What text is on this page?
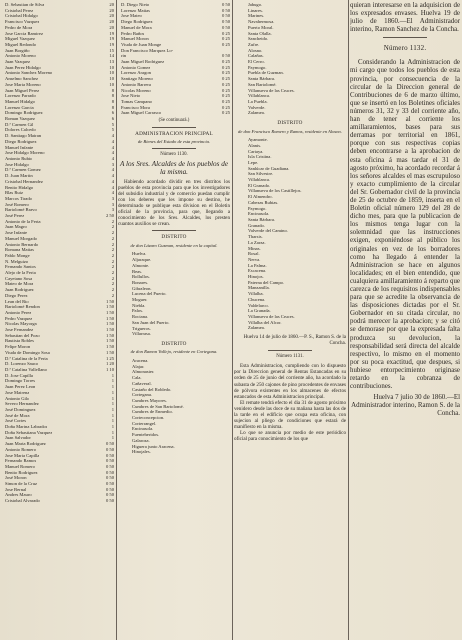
D. Sebastian de Silva	20
Cristobal Perez	20
Cristobal Hidalgo	20
Francisco Vazquez	20
Pedro de Mora	20
Jose Garcia Ramirez	19
Miguel Vazquez	19
Miguel Redondo	19
Juan Borgiño	15
Antonio Moreno	14
Juan Vazquez	13
Juan Perez Hidalgo	10
Antonio Sanchez Moreno	10
Anselmo Sanchez	10
Jose Maria Moreno	10
Juan Miguel Perez	8
Lorenzo Parrado	8
Manuel Hidalgo	8
Lorenzo Garcia	8
Domingo Rodriguez	6
Roman Vazquez	6
D.ª Carmen Gil	5
Dolores Calcedo	5
D. Santiago Mairan	4
Diego Rodriguez	4
Manuel Infante	4
Jose Hidalgo Moreno	4
Antonio Rubio	4
Jose Hidalgo	3
D.ª Carmen Gomez	4
D. Juan Martin	4
Cristobal Hernandez	4
Benito Hidalgo	4
Blas Ruiz	4
Marcos Tirado	3
José Romero	3
Bartolomé Bravo	3
José Perez	2 50
Antonio de la Feria	2
Juan Magro	2
Jose Infante	2
Manuel Morgado	2
Antonio Bernardo	2
Romana Matias	2
Pablo Monge	2
N. Melguizo	2
Fernando Santos	2
Alejo de la Feria	2
Cayetano Sosa	2
Mateo de Mora	2
Juan Rodriguez	2
Diego Perez	2
Lean del Rio	1 50
Bartolomé Rendon	1 50
Antonio Perez	1 50
Pedro Vazquez	1 50
Nicolas Mayorga	1 50
Jose Fernandez	1 50
Sebastian del Pozo	1 50
Bautista Robles	1 50
Felipe Moron	1 50
Viuda de Domingo Sosa	1 50
D.ª Catalina de la Feria	1 25
D. Lorenzo Sauco	1 20
D.ª Catalina Vallellano	1 10
D. Jose Capilla	1
Domingo Torres	1
Juan Perez Leon	1
Jose Mairena	1
Antonio Gilo	1
Severo Hernandez	1
José Dominguez	1
José de Mora	1
José Cortes	1
Doña Marina Labrador	1
Doña Sebastiana Vazquez	1
Juan Salvador	1
Juan Maria Rodriguez	0 50
Antonio Romero	0 50
Jose Maria Capilla	0 50
Fernando Ramos	0 50
Manuel Romero	0 50
Benito Rodriguez	0 50
José Moron	0 50
Simon de la Cruz	0 50
Jose Bernal	0 50
Andres Mauro	0 50
Cristobal Alvarado	0 50
D. Diego Nieto	0 50
Lorenzo Matias	0 50
Jose Mateo	0 50
Diego Rodriguez	0 50
Manuel de Mora	0 50
Pedro Baños	0 25
Manuel Moron	0 25
Viuda de Juan Monge	0 25
Don Francisco Marquez Lo-
rin	0 50
Juan Miguel Rodriguez	0 25
Antonio Gomez	0 25
Lorenzo Aragon	0 25
Santiago Moreno	0 25
Antonio Barrera	0 25
Nicolas Moreno	0 25
Jose Nieto	0 25
Tomas Campano	0 25
Francisco Mora	0 25
Juan Miguel Carrasco	0 25
(Se continuará.)
ADMINISTRACION PRINCIPAL
de Bienes del Estado de esta provincia.
Número 1130.
A los Sres. Alcaldes de los pueblos de la misma.
Habiendo acordado dividir en tres distritos los pueblos de esta provincia para que los investigadores del subsidio industrial y de comercio puedan cumplir con los deberes que les impone su destino, he determinado se publique esta division en el Boletin oficial de la provincia, para que, llegando a conocimiento de los Sres. Alcaldes, los presten cuantos auxilios se crean.
DISTRITO
de don Lázaro Guzman, residente en la capital.
Huelva.
Aljaraque.
Almonte.
Beas.
Bollullos.
Bonares.
Gibraleon.
Lucena del Puerto.
Moguer.
Niebla.
Palos.
Rociana.
San Juan del Puerto.
Trigueros.
Villarrasa.
DISTRITO
de don Ramon Vallejo, residente en Cortegana.
Aracena.
Alajar.
Almonaster.
Cala.
Cañaveral.
Castaño del Robledo.
Cortegana.
Cumbres Mayores.
Cumbres de San Bartolomé.
Cumbres de Enmedio.
Corteconcepcion.
Corterrangel.
Encinasola.
Fuenteheridos.
Galaroza.
Higuera junto Aracena.
Hinojales.
Jabugo.
Linares.
Marines.
Navahermosa.
Puerto Moral.
Santa Olalla.
Sancheido.
Zufre.
Alosno.
Calañas.
El Cerro.
Paymogo.
Puebla de Guzman.
Santa Bárbara.
San Bartolomé.
Villanueva de las Cruces.
Villablanca.
La Puebla.
Valverde.
Zalamea.
DISTRITO
de don Francisco Romero y Ramos, residente en Alosno.
Ayamonte.
Alanis.
Cartaya.
Isla Cristina.
Lepe.
Sanlúcar de Guadiana.
San Silvestre.
Villablanca.
El Granado.
Villanueva de los Castillejos.
El Almendro.
Cabezas Rubias.
Paymogo.
Encinasola.
Santa Bárbara.
Granado.
Valverde del Camino.
Tharsis.
La Zarza.
Minas.
Rosal.
Nerva.
La Palma.
Escacena.
Hinojos.
Paterna del Campo.
Manzanilla.
Villalba.
Chucena.
Valdelarco.
La Granada.
Villanueva de las Cruces.
Villalba del Alcor.
Zalamea.
Huelva 14 de julio de 1860.—P. S., Ramon S. de la Concha.
Número 1131.
Esta Administracion, cumpliendo con lo dispuesto por la Direccion general de Rentas Estancadas en su orden de 25 de junio del corriente año, ha acordado la subasta de 250 cajones de pino procedentes de envases de pólvora existentes en los almacenes de efectos estancados de esta Administracion principal.
El remate tendrá efecto el dia 31 de agosto próximo venidero desde las doce de su mañana hasta las dos de la tarde en el edificio que ocupa esta oficina, con sujecion al pliego de condiciones que estará de manifiesto en la misma.
Lo que se anuncia por medio de este periódico oficial para conocimiento de los que
quieran interesarse en la adquisicion de los expresados envases. Huelva 19 de julio de 1860.—El Administrador interino, Ramon Sanchez de la Concha.
Número 1132.
Considerando la Administracion de mi cargo que todos los pueblos de esta provincia, por consecuencia de la circular de la Direccion general de Contribuciones de 6 de marzo último, que se insertó en los Boletines oficiales números 31, 32 y 33 del corriente año, han de tener al corriente los amillaramientos, bases para sus derramas por territorial en 1861, porque con sus respectivas copias deben encontrarse a la aprobacion de esta oficina á mas tardar el 31 de agosto próximo, ha acordado recordar á los señores alcaldes el mas escrupuloso y exacto cumplimiento de la circular del Sr. Gobernador civil de la provincia de 25 de octubre de 1859, inserta en el Boletin oficial número 129 del 28 de dicho mes, para que la publicacion de los mismos tenga lugar con la solemnidad que las instrucciones exigen, exponiéndose al público los originales en vez de los borradores como ha llegado á entender la Administracion se hace en algunos localidades; en el bien entendido, que cualquiera amillaramiento á reparto que carezca de los requisitos indispensables para que se acredite la observancia de las disposiciones dictadas por el Sr. Gobernador en su citada circular, no podrá merecer la aprobacion; y se citó se demorase por que la expresada falta produzca su devolucion, la responsabilidad será directa del alcalde respectivo, lo mismo en el momento por su poca exactitud, que despues, si hubiese entorpecimiento originase retardo en la cobranza de contribuciones.
Huelva 7 julio 30 de 1860.—El Administrador interino, Ramon S. de la Concha.
